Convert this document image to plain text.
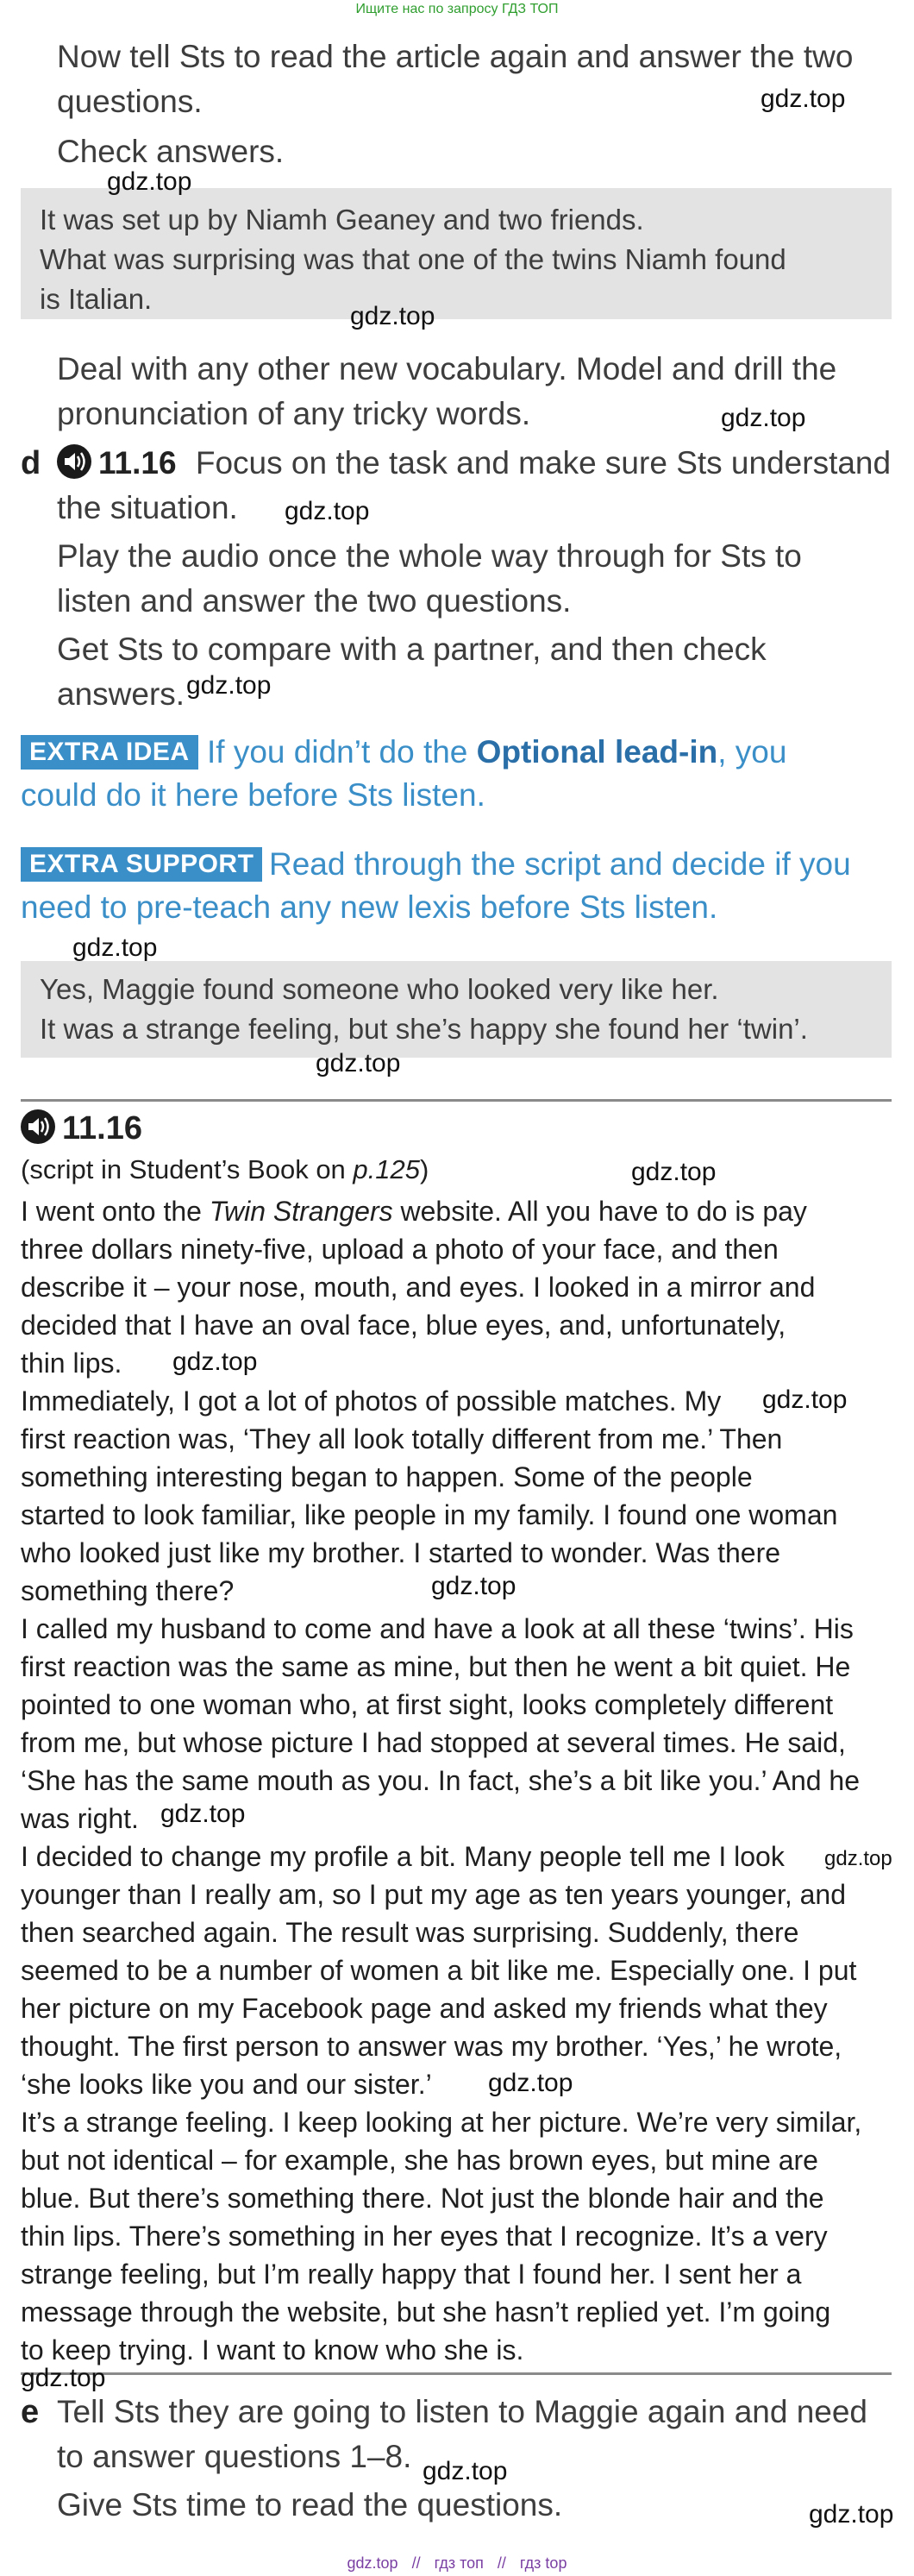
Ищите нас по запросу ГДЗ ТОП
Now tell Sts to read the article again and answer the two
questions.
Check answers.
It was set up by Niamh Geaney and two friends.
What was surprising was that one of the twins Niamh found
is Italian.
Deal with any other new vocabulary. Model and drill the
pronunciation of any tricky words.
d	11.16 Focus on the task and make sure Sts understand
the situation.
Play the audio once the whole way through for Sts to
listen and answer the two questions.
Get Sts to compare with a partner, and then check
answers.
EXTRA IDEA If you didn’t do the Optional lead-in, you
could do it here before Sts listen.
EXTRA SUPPORT Read through the script and decide if you
need to pre-teach any new lexis before Sts listen.
Yes, Maggie found someone who looked very like her.
It was a strange feeling, but she’s happy she found her ‘twin’.
11.16
(script in Student’s Book on p.125)
I went onto the Twin Strangers website. All you have to do is pay
three dollars ninety-five, upload a photo of your face, and then
describe it – your nose, mouth, and eyes. I looked in a mirror and
decided that I have an oval face, blue eyes, and, unfortunately,
thin lips.
Immediately, I got a lot of photos of possible matches. My
first reaction was, ‘They all look totally different from me.’ Then
something interesting began to happen. Some of the people
started to look familiar, like people in my family. I found one woman
who looked just like my brother. I started to wonder. Was there
something there?
I called my husband to come and have a look at all these ‘twins’. His
first reaction was the same as mine, but then he went a bit quiet. He
pointed to one woman who, at first sight, looks completely different
from me, but whose picture I had stopped at several times. He said,
‘She has the same mouth as you. In fact, she’s a bit like you.’ And he
was right.
I decided to change my profile a bit. Many people tell me I look
younger than I really am, so I put my age as ten years younger, and
then searched again. The result was surprising. Suddenly, there
seemed to be a number of women a bit like me. Especially one. I put
her picture on my Facebook page and asked my friends what they
thought. The first person to answer was my brother. ‘Yes,’ he wrote,
‘she looks like you and our sister.’
It’s a strange feeling. I keep looking at her picture. We’re very similar,
but not identical – for example, she has brown eyes, but mine are
blue. But there’s something there. Not just the blonde hair and the
thin lips. There’s something in her eyes that I recognize. It’s a very
strange feeling, but I’m really happy that I found her. I sent her a
message through the website, but she hasn’t replied yet. I’m going
to keep trying. I want to know who she is.
e Tell Sts they are going to listen to Maggie again and need
to answer questions 1–8.
Give Sts time to read the questions.
gdz.top
gdz.top
gdz.top
gdz.top
gdz.top
gdz.top
gdz.top
gdz.top
gdz.top
gdz.top
gdz.top
gdz.top
gdz.top
gdz.top
gdz.top
gdz.top
gdz.top
gdz.top
gdz.top // гдз топ // гдз top
